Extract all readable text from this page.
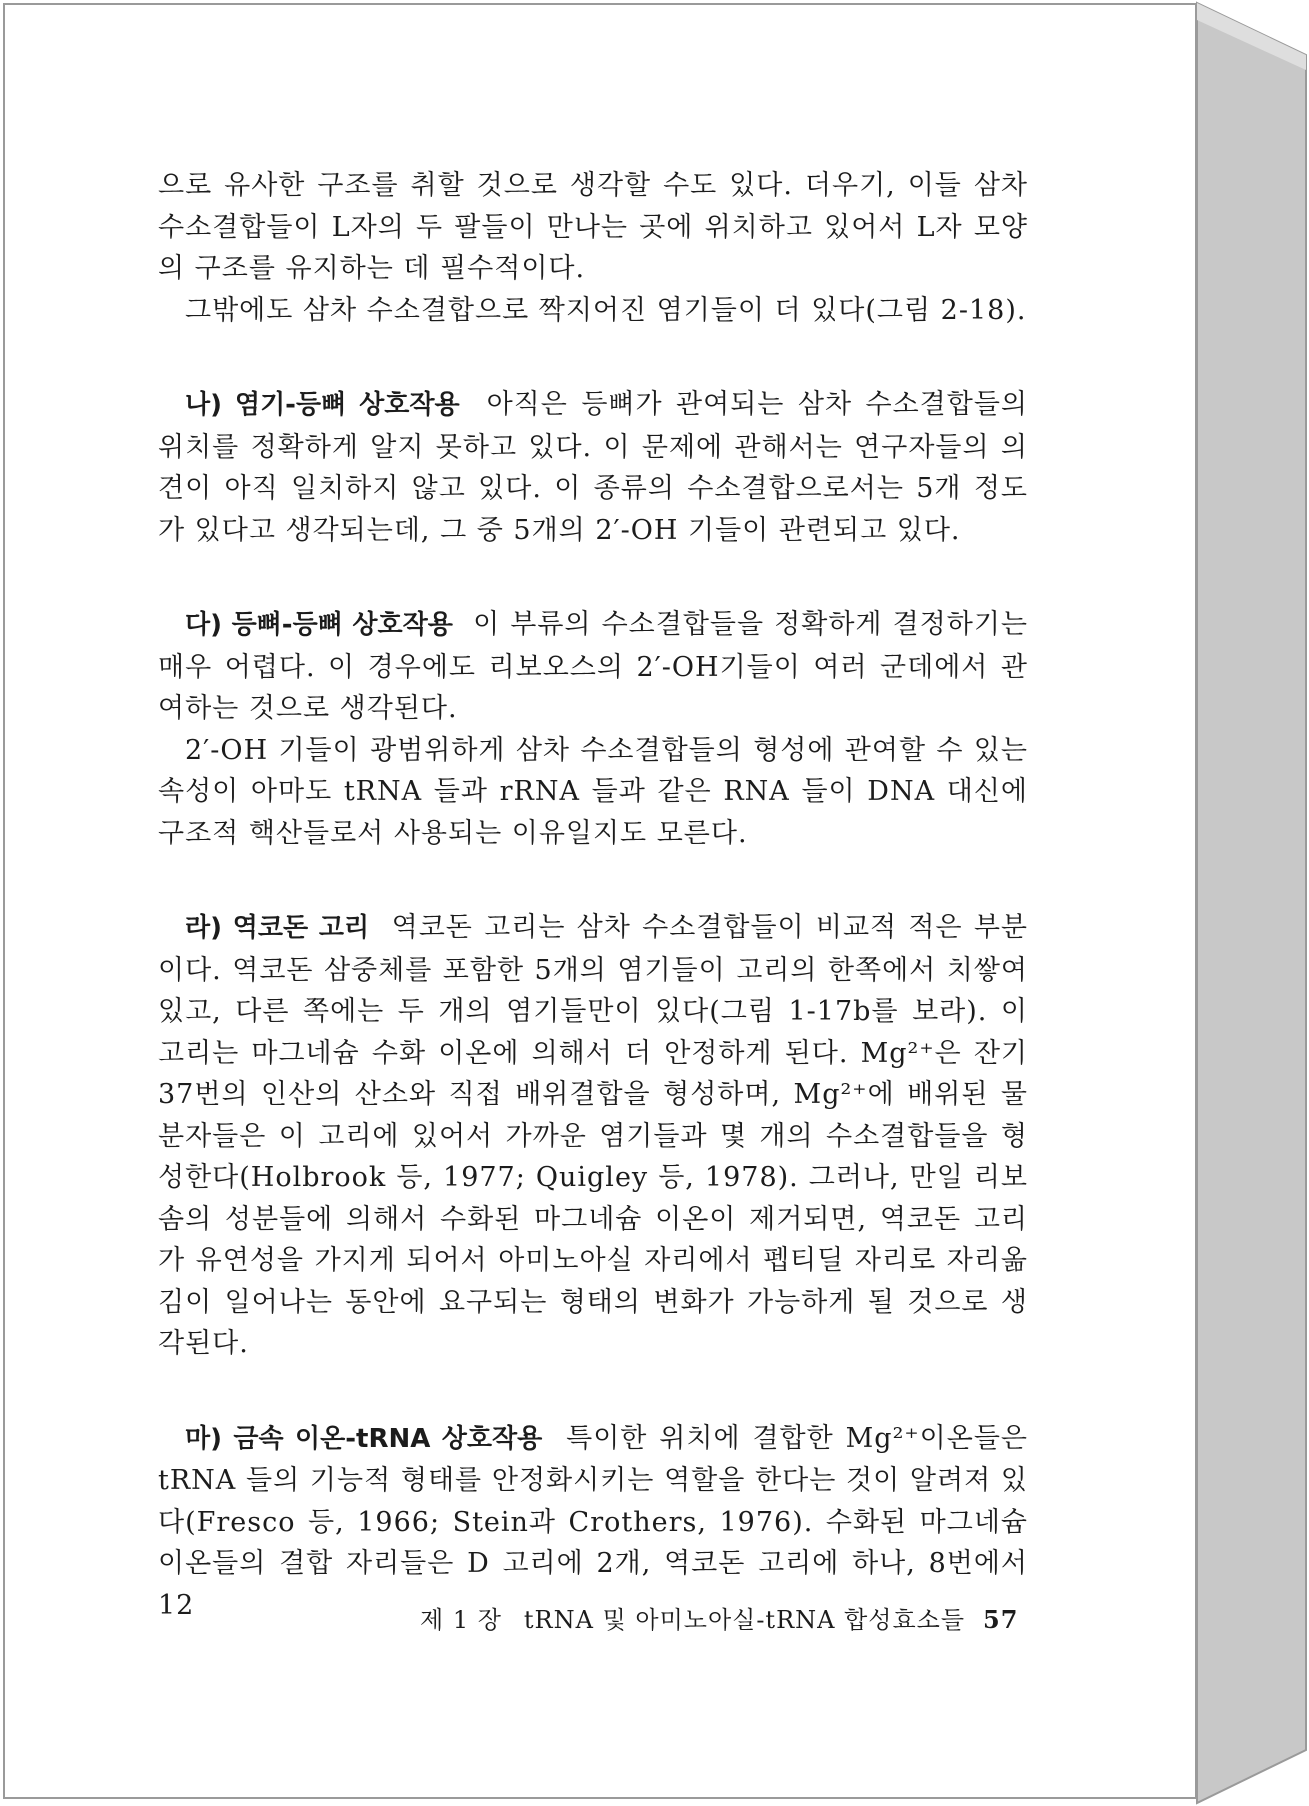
으로 유사한 구조를 취할 것으로 생각할 수도 있다. 더우기, 이들 삼차 수소결합들이 L자의 두 팔들이 만나는 곳에 위치하고 있어서 L자 모양의 구조를 유지하는 데 필수적이다.

그밖에도 삼차 수소결합으로 짝지어진 염기들이 더 있다(그림 2-18).

나) 염기-등뼈 상호작용 아직은 등뼈가 관여되는 삼차 수소결합들의 위치를 정확하게 알지 못하고 있다. 이 문제에 관해서는 연구자들의 의견이 아직 일치하지 않고 있다. 이 종류의 수소결합으로서는 5개 정도가 있다고 생각되는데, 그 중 5개의 2′-OH 기들이 관련되고 있다.

다) 등뼈-등뼈 상호작용 이 부류의 수소결합들을 정확하게 결정하기는 매우 어렵다. 이 경우에도 리보오스의 2′-OH기들이 여러 군데에서 관여하는 것으로 생각된다.

2′-OH 기들이 광범위하게 삼차 수소결합들의 형성에 관여할 수 있는 속성이 아마도 tRNA 들과 rRNA 들과 같은 RNA 들이 DNA 대신에 구조적 핵산들로서 사용되는 이유일지도 모른다.

라) 역코돈 고리 역코돈 고리는 삼차 수소결합들이 비교적 적은 부분이다. 역코돈 삼중체를 포함한 5개의 염기들이 고리의 한쪽에서 치쌓여 있고, 다른 쪽에는 두 개의 염기들만이 있다(그림 1-17b를 보라). 이 고리는 마그네슘 수화 이온에 의해서 더 안정하게 된다. Mg²⁺은 잔기 37번의 인산의 산소와 직접 배위결합을 형성하며, Mg²⁺에 배위된 물 분자들은 이 고리에 있어서 가까운 염기들과 몇 개의 수소결합들을 형성한다(Holbrook 등, 1977; Quigley 등, 1978). 그러나, 만일 리보솜의 성분들에 의해서 수화된 마그네슘 이온이 제거되면, 역코돈 고리가 유연성을 가지게 되어서 아미노아실 자리에서 펩티딜 자리로 자리옮김이 일어나는 동안에 요구되는 형태의 변화가 가능하게 될 것으로 생각된다.

마) 금속 이온-tRNA 상호작용 특이한 위치에 결합한 Mg²⁺이온들은 tRNA 들의 기능적 형태를 안정화시키는 역할을 한다는 것이 알려져 있다(Fresco 등, 1966; Stein과 Crothers, 1976). 수화된 마그네슘 이온들의 결합 자리들은 D 고리에 2개, 역코돈 고리에 하나, 8번에서 12	제 1 장 tRNA 및 아미노아실-tRNA 합성효소들 57
